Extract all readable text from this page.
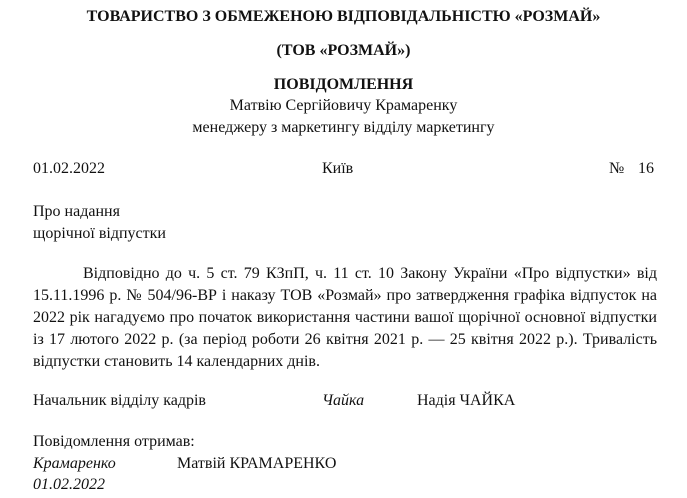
ТОВАРИСТВО З ОБМЕЖЕНОЮ ВІДПОВІДАЛЬНІСТЮ «РОЗМАЙ»
(ТОВ «РОЗМАЙ»)
ПОВІДОМЛЕННЯ
Матвію Сергійовичу Крамаренку
менеджеру з маркетингу відділу маркетингу
01.02.2022	Київ	№ 16
Про надання
щорічної відпустки
Відповідно до ч. 5 ст. 79 КЗпП, ч. 11 ст. 10 Закону України «Про відпустки» від 15.11.1996 р. № 504/96-ВР і наказу ТОВ «Розмай» про затвердження графіка відпусток на 2022 рік нагадуємо про початок використання частини вашої щорічної основної відпустки із 17 лютого 2022 р. (за період роботи 26 квітня 2021 р. — 25 квітня 2022 р.). Тривалість відпустки становить 14 календарних днів.
Начальник відділу кадрів	Чайка	Надія ЧАЙКА
Повідомлення отримав:
Крамаренко	Матвій КРАМАРЕНКО
01.02.2022
